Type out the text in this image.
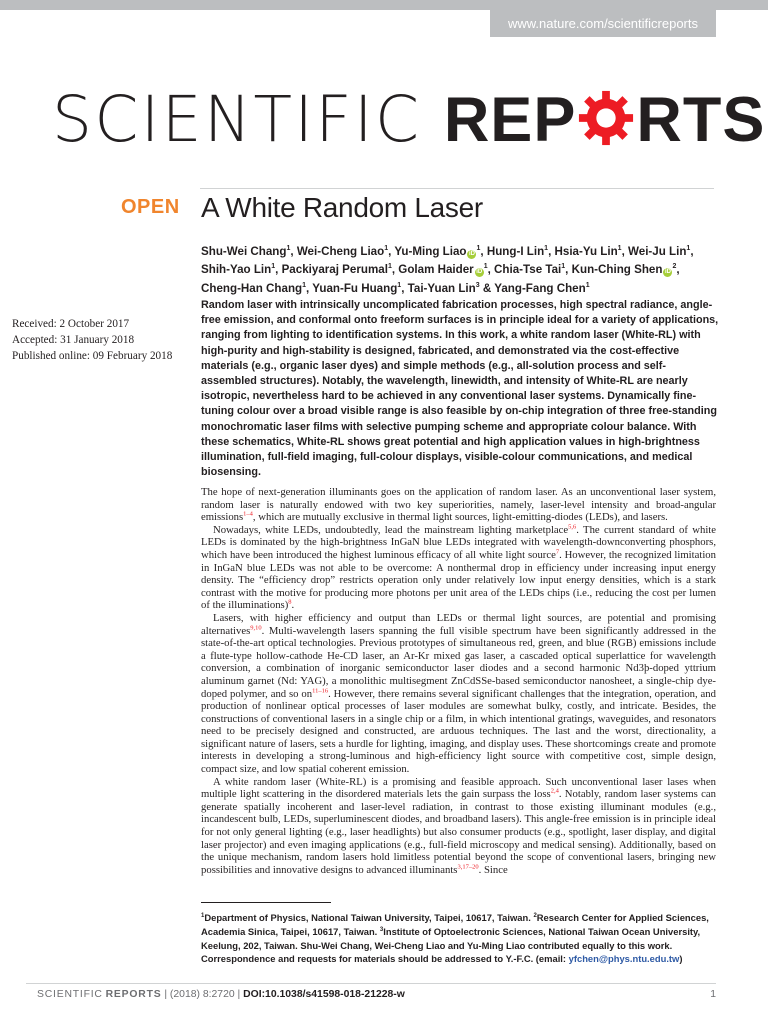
www.nature.com/scientificreports
SCIENTIFIC REP RTS
OPEN A White Random Laser
Shu-Wei Chang$^1$, Wei-Cheng Liao$^1$, Yu-Ming Liao $iD^1$, Hung-I Lin$^1$, Hsia-Yu Lin$^1$, Wei-Ju Lin$^1$, Shih-Yao Lin$^1$, Packiyaraj Perumal$^1$, Golam Haider $iD^1$, Chia-Tse Tai$^1$, Kun-Ching Shen $iD^2$, Cheng-Han Chang$^1$, Yuan-Fu Huang$^1$, Tai-Yuan Lin$^3$ & Yang-Fang Chen$^1$
Received: 2 October 2017
Accepted: 31 January 2018
Published online: 09 February 2018
Random laser with intrinsically uncomplicated fabrication processes, high spectral radiance, angle-free emission, and conformal onto freeform surfaces is in principle ideal for a variety of applications, ranging from lighting to identification systems. In this work, a white random laser (White-RL) with high-purity and high-stability is designed, fabricated, and demonstrated via the cost-effective materials (e.g., organic laser dyes) and simple methods (e.g., all-solution process and self-assembled structures). Notably, the wavelength, linewidth, and intensity of White-RL are nearly isotropic, nevertheless hard to be achieved in any conventional laser systems. Dynamically fine-tuning colour over a broad visible range is also feasible by on-chip integration of three free-standing monochromatic laser films with selective pumping scheme and appropriate colour balance. With these schematics, White-RL shows great potential and high application values in high-brightness illumination, full-field imaging, full-colour displays, visible-colour communications, and medical biosensing.

The hope of next-generation illuminants goes on the application of random laser. As an unconventional laser system, random laser is naturally endowed with two key superiorities, namely, laser-level intensity and broad-angular emissions$^{1-4}$, which are mutually exclusive in thermal light sources, light-emitting-diodes (LEDs), and lasers.

Nowadays, white LEDs, undoubtedly, lead the mainstream lighting marketplace$^{5,6}$. The current standard of white LEDs is dominated by the high-brightness InGaN blue LEDs integrated with wavelength-downconverting phosphors, which have been introduced the highest luminous efficacy of all white light source$^7$. However, the recognized limitation in InGaN blue LEDs was not able to be overcome: A nonthermal drop in efficiency under increasing input energy density. The “efficiency drop” restricts operation only under relatively low input energy densities, which is a stark contrast with the motive for producing more photons per unit area of the LEDs chips (i.e., reducing the cost per lumen of the illuminations)$^8$.

Lasers, with higher efficiency and output than LEDs or thermal light sources, are potential and promising alternatives$^{9,10}$. Multi-wavelength lasers spanning the full visible spectrum have been significantly addressed in the state-of-the-art optical technologies. Previous prototypes of simultaneous red, green, and blue (RGB) emissions include a flute-type hollow-cathode He-CD laser, an Ar-Kr mixed gas laser, a cascaded optical superlattice for wavelength conversion, a combination of inorganic semiconductor laser diodes and a second harmonic Nd3þ-doped yttrium aluminum garnet (Nd: YAG), a monolithic multisegment ZnCdSSe-based semiconductor nanosheet, a single-chip dye-doped polymer, and so $on^{11-16}$. However, there remains several significant challenges that the integration, operation, and production of nonlinear optical processes of laser modules are somewhat bulky, costly, and intricate. Besides, the constructions of conventional lasers in a single chip or a film, in which intentional gratings, waveguides, and resonators need to be precisely designed and constructed, are arduous techniques. The last and the worst, directionality, a significant nature of lasers, sets a hurdle for lighting, imaging, and display uses. These shortcomings create and promote interests in developing a strong-luminous and high-efficiency light source with competitive cost, simple design, compact size, and low spatial coherent emission.

A white random laser (White-RL) is a promising and feasible approach. Such unconventional laser lases when multiple light scattering in the disordered materials lets the gain surpass the loss$^{2,4}$. Notably, random laser systems can generate spatially incoherent and laser-level radiation, in contrast to those existing illuminant modules (e.g., incandescent bulb, LEDs, superluminescent diodes, and broadband lasers). This angle-free emission is in principle ideal for not only general lighting (e.g., laser headlights) but also consumer products (e.g., spotlight, laser display, and digital laser projector) and even imaging applications (e.g., full-field microscopy and medical sensing). Additionally, based on the unique mechanism, random lasers hold limitless potential beyond the scope of conventional lasers, bringing new possibilities and innovative designs to advanced illuminants$^{3,17-20}$. Since

$^1$Department of Physics, National Taiwan University, Taipei, 10617, Taiwan. $^2$Research Center for Applied Sciences, Academia Sinica, Taipei, 10617, Taiwan. $^3$Institute of Optoelectronic Sciences, National Taiwan Ocean University, Keelung, 202, Taiwan. Shu-Wei Chang, Wei-Cheng Liao and Yu-Ming Liao contributed equally to this work. Correspondence and requests for materials should be addressed to Y.-F.C. (email: yfchen@phys.ntu.edu.tw)
SCIENTIFIC REPORTS | (2018) 8:2720 | DOI:10.1038/s41598-018-21228-w	1
